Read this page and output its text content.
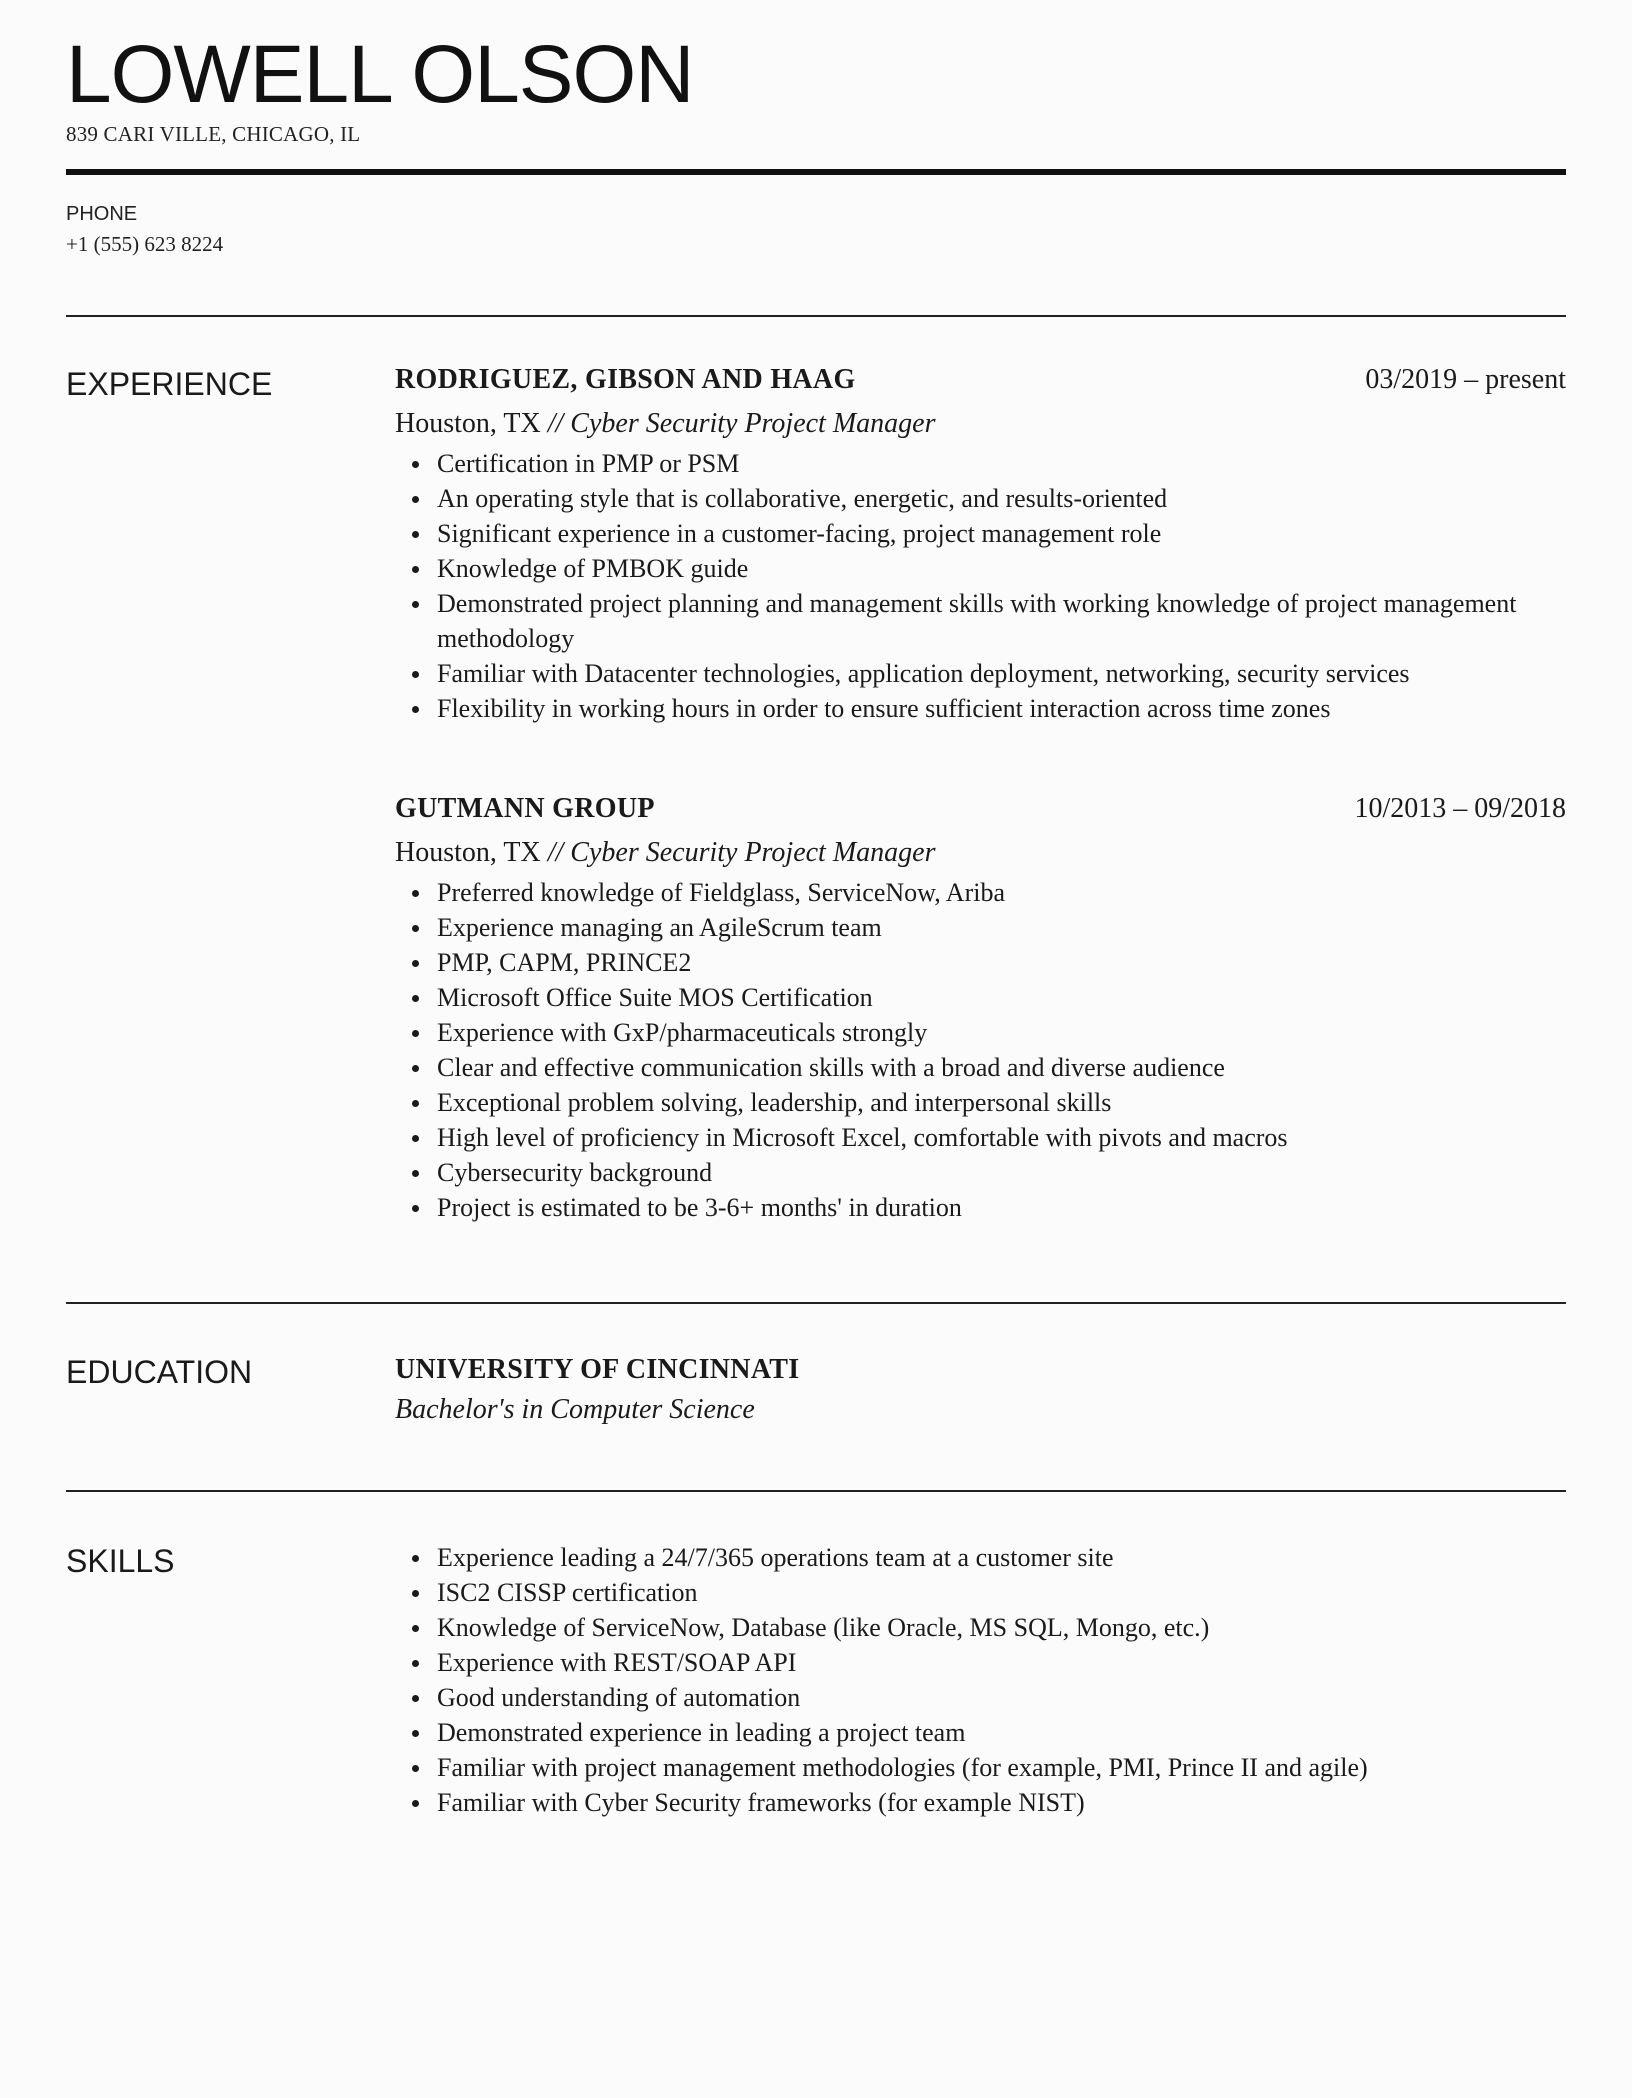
LOWELL OLSON
839 CARI VILLE, CHICAGO, IL
PHONE
+1 (555) 623 8224
EXPERIENCE	RODRIGUEZ, GIBSON AND HAAG	03/2019 – present
Houston, TX // Cyber Security Project Manager
Certification in PMP or PSM
An operating style that is collaborative, energetic, and results-oriented
Significant experience in a customer-facing, project management role
Knowledge of PMBOK guide
Demonstrated project planning and management skills with working knowledge of project management methodology
Familiar with Datacenter technologies, application deployment, networking, security services
Flexibility in working hours in order to ensure sufficient interaction across time zones
GUTMANN GROUP	10/2013 – 09/2018
Houston, TX // Cyber Security Project Manager
Preferred knowledge of Fieldglass, ServiceNow, Ariba
Experience managing an AgileScrum team
PMP, CAPM, PRINCE2
Microsoft Office Suite MOS Certification
Experience with GxP/pharmaceuticals strongly
Clear and effective communication skills with a broad and diverse audience
Exceptional problem solving, leadership, and interpersonal skills
High level of proficiency in Microsoft Excel, comfortable with pivots and macros
Cybersecurity background
Project is estimated to be 3-6+ months' in duration
EDUCATION	UNIVERSITY OF CINCINNATI
Bachelor's in Computer Science
SKILLS	Experience leading a 24/7/365 operations team at a customer site
ISC2 CISSP certification
Knowledge of ServiceNow, Database (like Oracle, MS SQL, Mongo, etc.)
Experience with REST/SOAP API
Good understanding of automation
Demonstrated experience in leading a project team
Familiar with project management methodologies (for example, PMI, Prince II and agile)
Familiar with Cyber Security frameworks (for example NIST)
